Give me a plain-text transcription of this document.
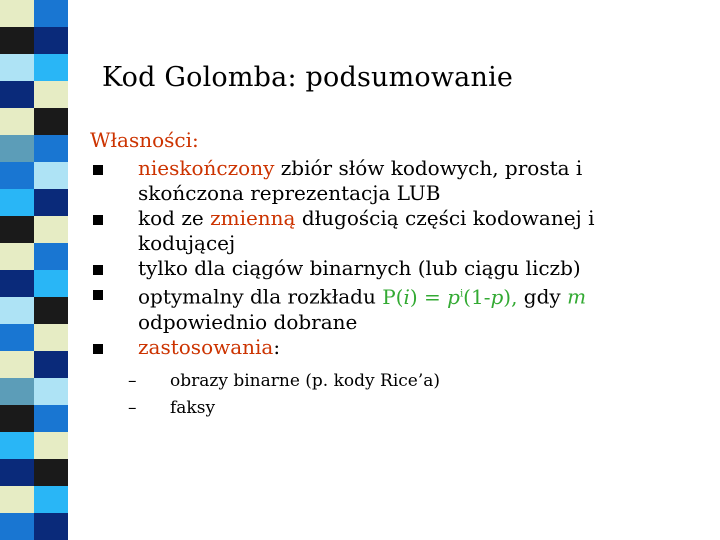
Kod Golomba: podsumowanie
Własności:
nieskończony zbiór słów kodowych, prosta i skończona reprezentacja LUB
kod ze zmienną długością części kodowanej i kodującej
tylko dla ciągów binarnych (lub ciągu liczb)
optymalny dla rozkładu $P(i) = p^i(1-p)$, gdy m odpowiednio dobrane
zastosowania:
– obrazy binarne (p. kody Rice’a)
– faksy
